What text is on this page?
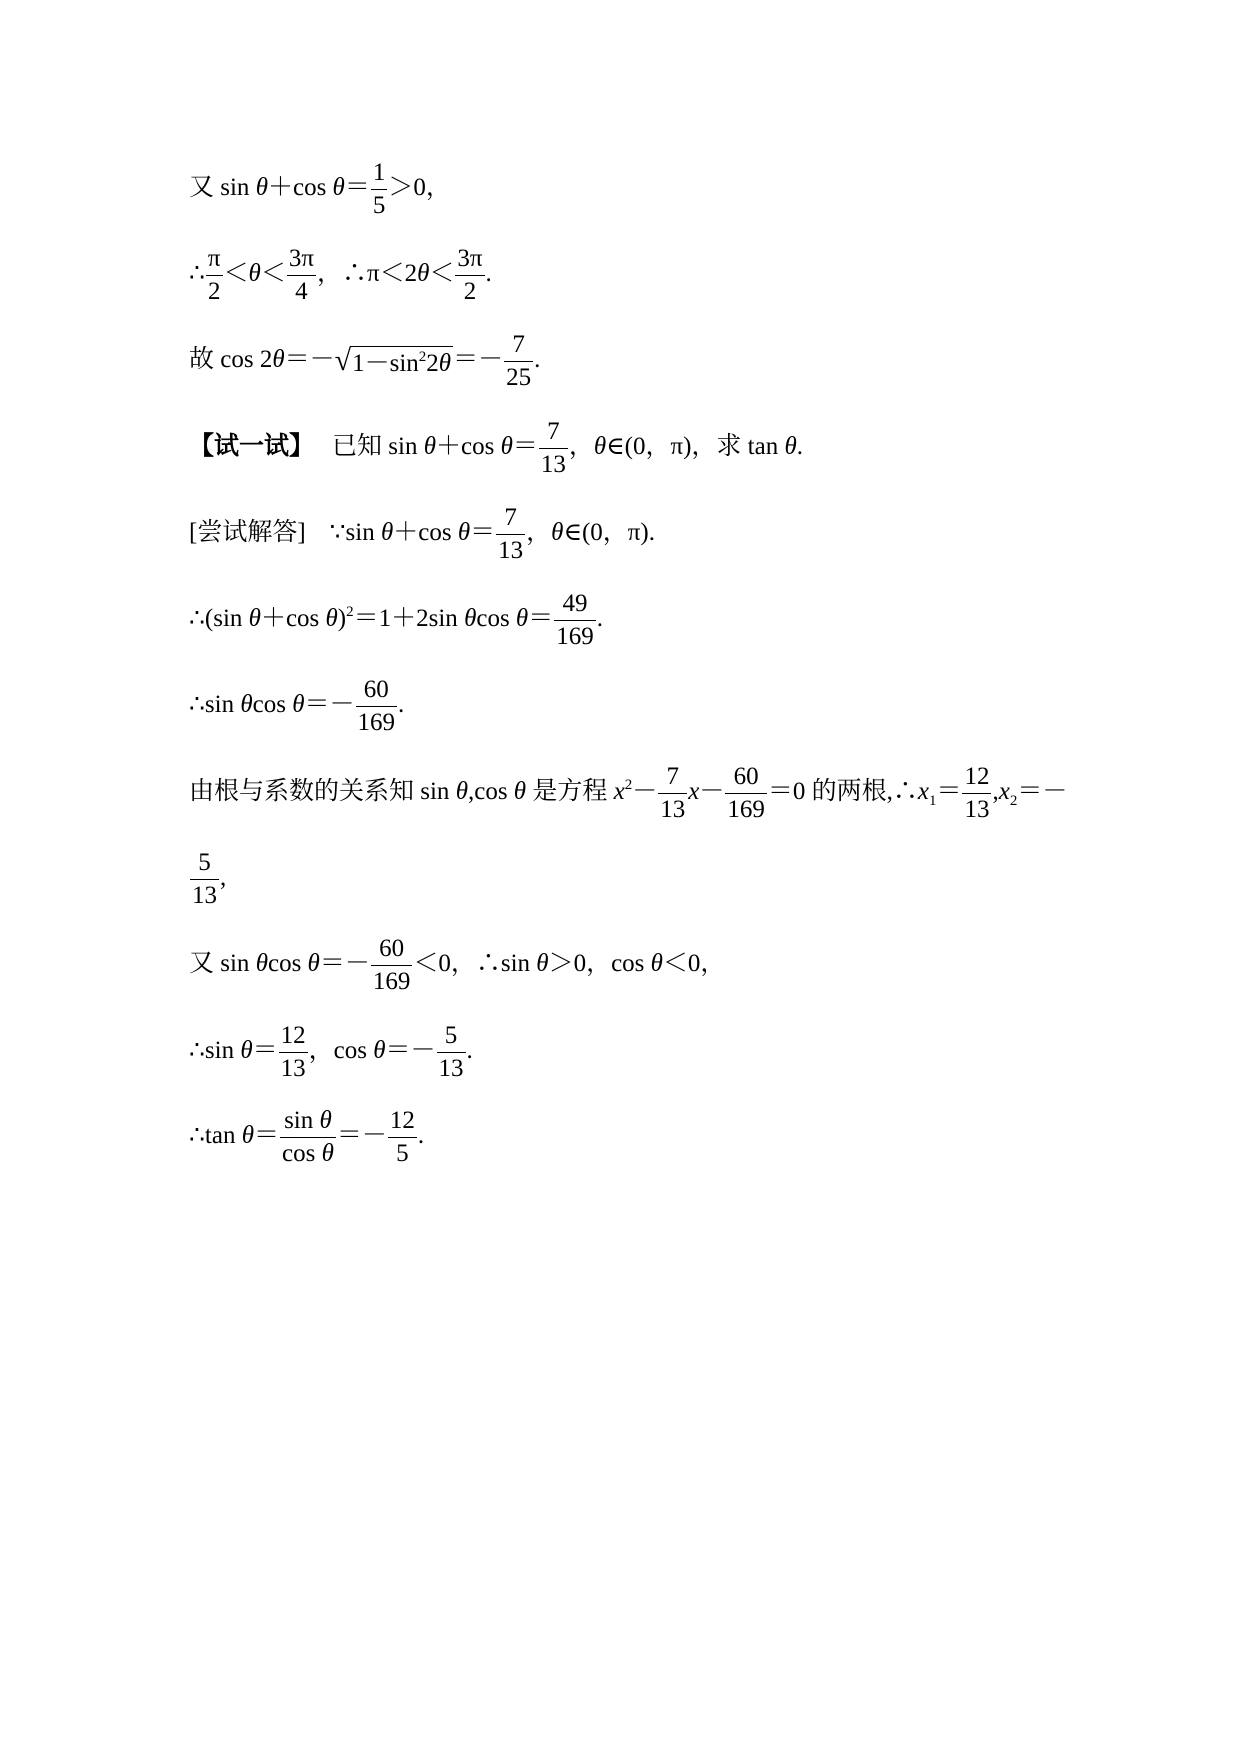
又 sin θ＋cos $\theta= \frac{1}{5} >0$，
∴ $\frac{\pi}{2} <\theta< \frac{3\pi}{4}$ ，∴π＜2θ＜ $\frac{3\pi}{2}$ .
故 $\cos 2\theta=-√1-\sin^22\theta=- \frac{7}{25}$ .
【试一试】 已知 sin θ＋cos $\theta= \frac{7}{13}$ ，θ∈(0，π)，求 tan θ.
[尝试解答] ∵sin θ＋cos $\theta= \frac{7}{13}$ ，θ∈(0，π).
∴(sin θ＋cos θ)$^2$＝1＋2sin θcos $\theta= \frac{49}{169}$ .
∴sin θcos $\theta=- \frac{60}{169}$ .
由根与系数的关系知 sin θ,cos θ 是方程 $x^2- \frac{7}{13} x- \frac{60}{169} =0$ 的两根$,\therefore x_1= \frac{12}{13} ,x_2=-$
$\frac{5}{13}$ ,
又 sin θcos $\theta=- \frac{60}{169} <0$，∴sin θ＞0，cos θ＜0，
∴sin $\theta= \frac{12}{13}$ ，$\cos \theta=- \frac{5}{13}$ .
∴tan $\theta= \frac{\text{sin θ}}{\text{cos θ}} =- \frac{12}{5}$ .
